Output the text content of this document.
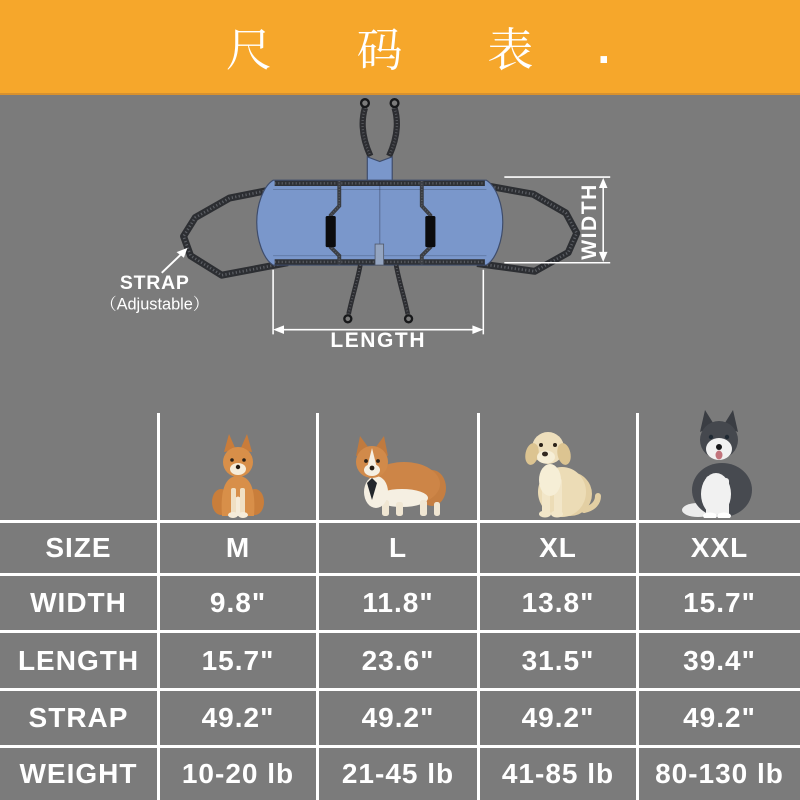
尺 码 表 .
WIDTH
LENGTH
STRAP
（Adjustable）
SIZE	M	L	XL	XXL
WIDTH	9.8"	11.8"	13.8"	15.7"
LENGTH	15.7"	23.6"	31.5"	39.4"
STRAP	49.2"	49.2"	49.2"	49.2"
WEIGHT	10-20 lb	21-45 lb	41-85 lb	80-130 lb
